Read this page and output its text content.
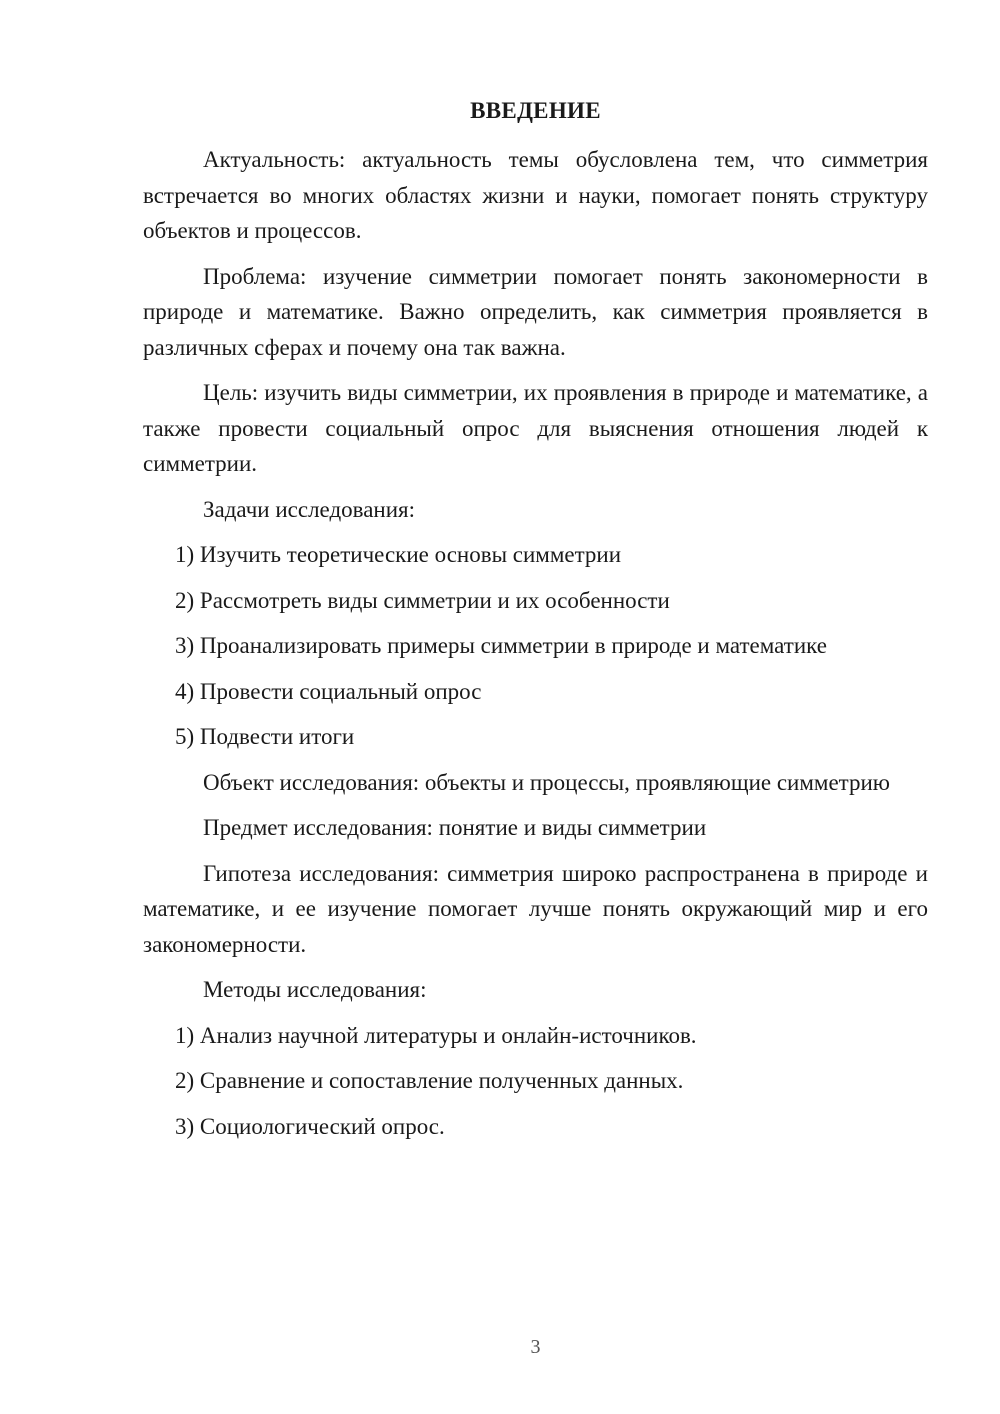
ВВЕДЕНИЕ

Актуальность: актуальность темы обусловлена тем, что симметрия встречается во многих областях жизни и науки, помогает понять структуру объектов и процессов.

Проблема: изучение симметрии помогает понять закономерности в природе и математике. Важно определить, как симметрия проявляется в различных сферах и почему она так важна.

Цель: изучить виды симметрии, их проявления в природе и математике, а также провести социальный опрос для выяснения отношения людей к симметрии.

Задачи исследования:

1) Изучить теоретические основы симметрии

2) Рассмотреть виды симметрии и их особенности

3) Проанализировать примеры симметрии в природе и математике

4) Провести социальный опрос

5) Подвести итоги

Объект исследования: объекты и процессы, проявляющие симметрию

Предмет исследования: понятие и виды симметрии

Гипотеза исследования: симметрия широко распространена в природе и математике, и ее изучение помогает лучше понять окружающий мир и его закономерности.

Методы исследования:

1) Анализ научной литературы и онлайн-источников.

2) Сравнение и сопоставление полученных данных.

3) Социологический опрос.

3
